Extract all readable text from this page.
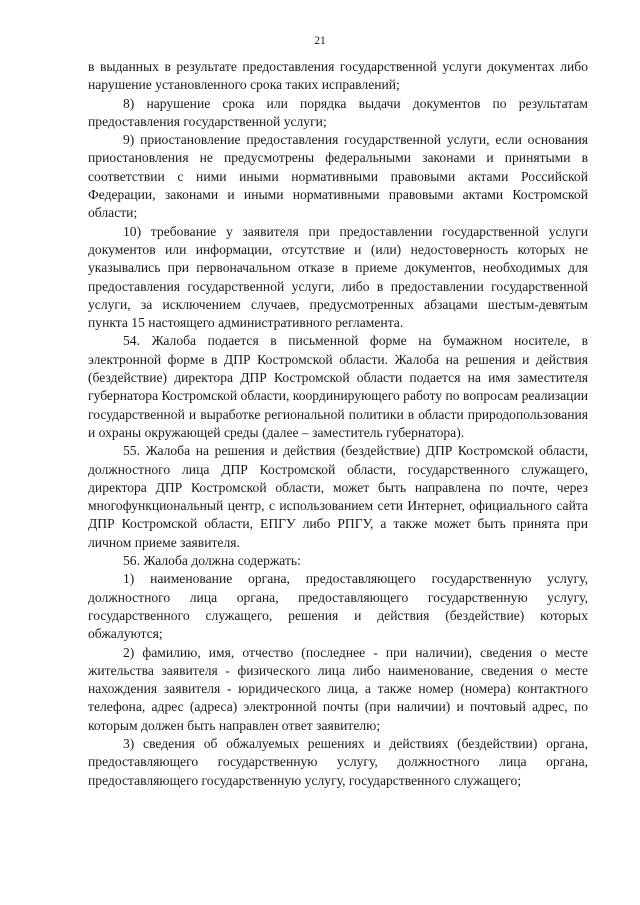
21

в выданных в результате предоставления государственной услуги документах либо нарушение установленного срока таких исправлений;

8) нарушение срока или порядка выдачи документов по результатам предоставления государственной услуги;

9) приостановление предоставления государственной услуги, если основания приостановления не предусмотрены федеральными законами и принятыми в соответствии с ними иными нормативными правовыми актами Российской Федерации, законами и иными нормативными правовыми актами Костромской области;

10) требование у заявителя при предоставлении государственной услуги документов или информации, отсутствие и (или) недостоверность которых не указывались при первоначальном отказе в приеме документов, необходимых для предоставления государственной услуги, либо в предоставлении государственной услуги, за исключением случаев, предусмотренных абзацами шестым-девятым пункта 15 настоящего административного регламента.

54. Жалоба подается в письменной форме на бумажном носителе, в электронной форме в ДПР Костромской области. Жалоба на решения и действия (бездействие) директора ДПР Костромской области подается на имя заместителя губернатора Костромской области, координирующего работу по вопросам реализации государственной и выработке региональной политики в области природопользования и охраны окружающей среды (далее – заместитель губернатора).

55. Жалоба на решения и действия (бездействие) ДПР Костромской области, должностного лица ДПР Костромской области, государственного служащего, директора ДПР Костромской области, может быть направлена по почте, через многофункциональный центр, с использованием сети Интернет, официального сайта ДПР Костромской области, ЕПГУ либо РПГУ, а также может быть принята при личном приеме заявителя.

56. Жалоба должна содержать:

1) наименование органа, предоставляющего государственную услугу, должностного лица органа, предоставляющего государственную услугу, государственного служащего, решения и действия (бездействие) которых обжалуются;

2) фамилию, имя, отчество (последнее - при наличии), сведения о месте жительства заявителя - физического лица либо наименование, сведения о месте нахождения заявителя - юридического лица, а также номер (номера) контактного телефона, адрес (адреса) электронной почты (при наличии) и почтовый адрес, по которым должен быть направлен ответ заявителю;

3) сведения об обжалуемых решениях и действиях (бездействии) органа, предоставляющего государственную услугу, должностного лица органа, предоставляющего государственную услугу, государственного служащего;
